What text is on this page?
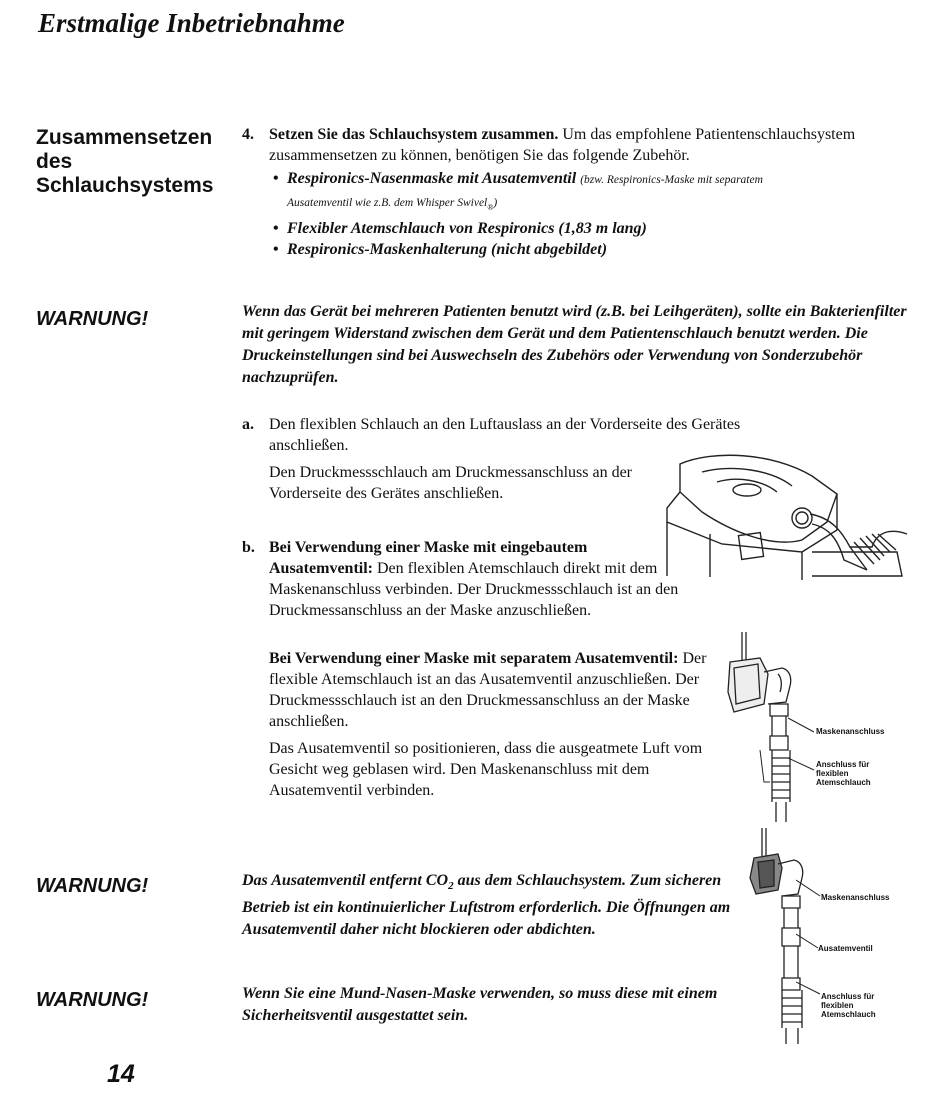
Erstmalige Inbetriebnahme
Zusammensetzen
des
Schlauchsystems
4. Setzen Sie das Schlauchsystem zusammen. Um das empfohlene Patientenschlauchsystem zusammensetzen zu können, benötigen Sie das folgende Zubehör.
• Respironics-Nasenmaske mit Ausatemventil (bzw. Respironics-Maske mit separatem
Ausatemventil wie z.B. dem Whisper Swivel$_®$)
• Flexibler Atemschlauch von Respironics (1,83 m lang)
• Respironics-Maskenhalterung (nicht abgebildet)
WARNUNG!	Wenn das Gerät bei mehreren Patienten benutzt wird (z.B. bei Leihgeräten), sollte ein Bakterienfilter mit geringem Widerstand zwischen dem Gerät und dem Patientenschlauch benutzt werden. Die Druckeinstellungen sind bei Auswechseln des Zubehörs oder Verwendung von Sonderzubehör nachzuprüfen.
a. Den flexiblen Schlauch an den Luftauslass an der Vorderseite des Gerätes anschließen.
Den Druckmessschlauch am Druckmessanschluss an der Vorderseite des Gerätes anschließen.
b. Bei Verwendung einer Maske mit eingebautem Ausatemventil: Den flexiblen Atemschlauch direkt mit dem Maskenanschluss verbinden. Der Druckmessschlauch ist an den Druckmessanschluss an der Maske anzuschließen.
Bei Verwendung einer Maske mit separatem Ausatemventil: Der flexible Atemschlauch ist an das Ausatemventil anzuschließen. Der Druckmessschlauch ist an den Druckmessanschluss an der Maske anschließen.
Das Ausatemventil so positionieren, dass die ausgeatmete Luft vom Gesicht weg geblasen wird. Den Maskenanschluss mit dem Ausatemventil verbinden.
Maskenanschluss
Anschluss für
flexiblen
Atemschlauch
Maskenanschluss
Ausatemventil
Anschluss für
flexiblen
Atemschlauch
WARNUNG!	Das Ausatemventil entfernt $CO_2$ aus dem Schlauchsystem. Zum sicheren Betrieb ist ein kontinuierlicher Luftstrom erforderlich. Die Öffnungen am Ausatemventil daher nicht blockieren oder abdichten.
WARNUNG!	Wenn Sie eine Mund-Nasen-Maske verwenden, so muss diese mit einem Sicherheitsventil ausgestattet sein.
14
